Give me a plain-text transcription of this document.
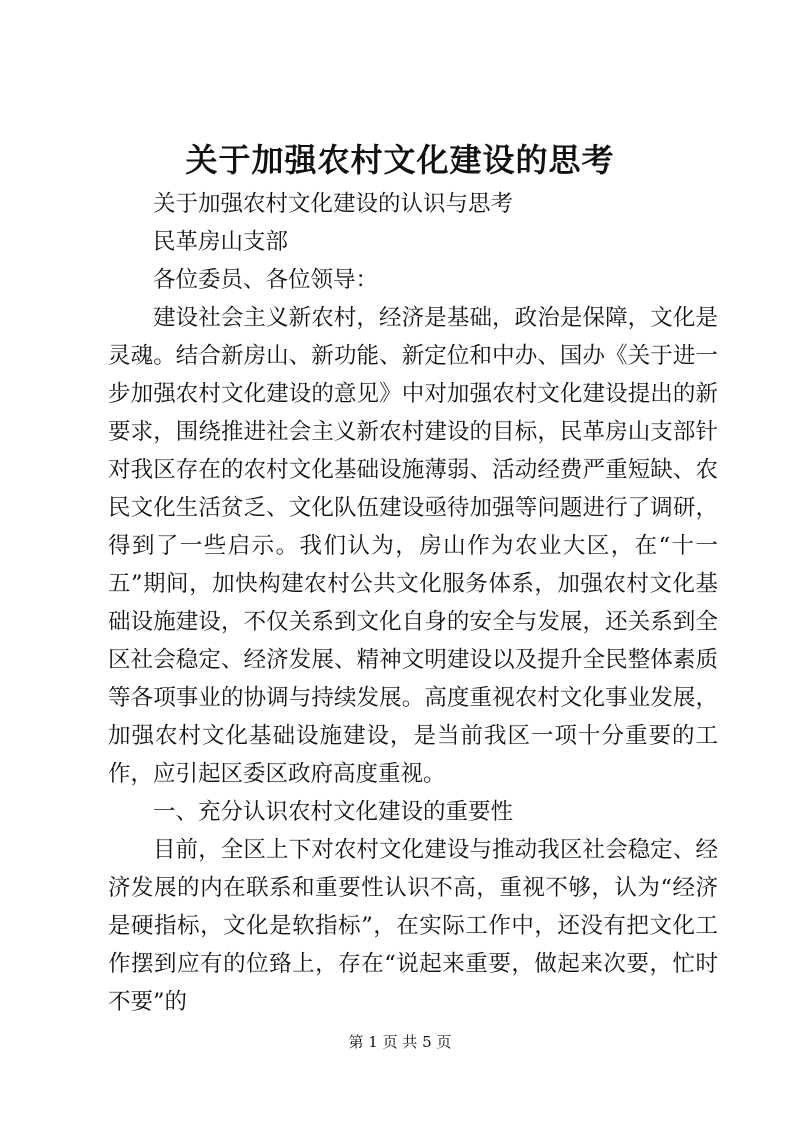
关于加强农村文化建设的思考

关于加强农村文化建设的认识与思考

民革房山支部

各位委员、各位领导：

建设社会主义新农村，经济是基础，政治是保障，文化是灵魂。结合新房山、新功能、新定位和中办、国办《关于进一步加强农村文化建设的意见》中对加强农村文化建设提出的新要求，围绕推进社会主义新农村建设的目标，民革房山支部针对我区存在的农村文化基础设施薄弱、活动经费严重短缺、农民文化生活贫乏、文化队伍建设亟待加强等问题进行了调研，得到了一些启示。我们认为，房山作为农业大区，在“十一五”期间，加快构建农村公共文化服务体系，加强农村文化基础设施建设，不仅关系到文化自身的安全与发展，还关系到全区社会稳定、经济发展、精神文明建设以及提升全民整体素质等各项事业的协调与持续发展。高度重视农村文化事业发展，加强农村文化基础设施建设，是当前我区一项十分重要的工作，应引起区委区政府高度重视。

一、充分认识农村文化建设的重要性

目前，全区上下对农村文化建设与推动我区社会稳定、经济发展的内在联系和重要性认识不高，重视不够，认为“经济是硬指标，文化是软指标”，在实际工作中，还没有把文化工作摆到应有的位臵上，存在“说起来重要，做起来次要，忙时不要”的

第 1 页 共 5 页
